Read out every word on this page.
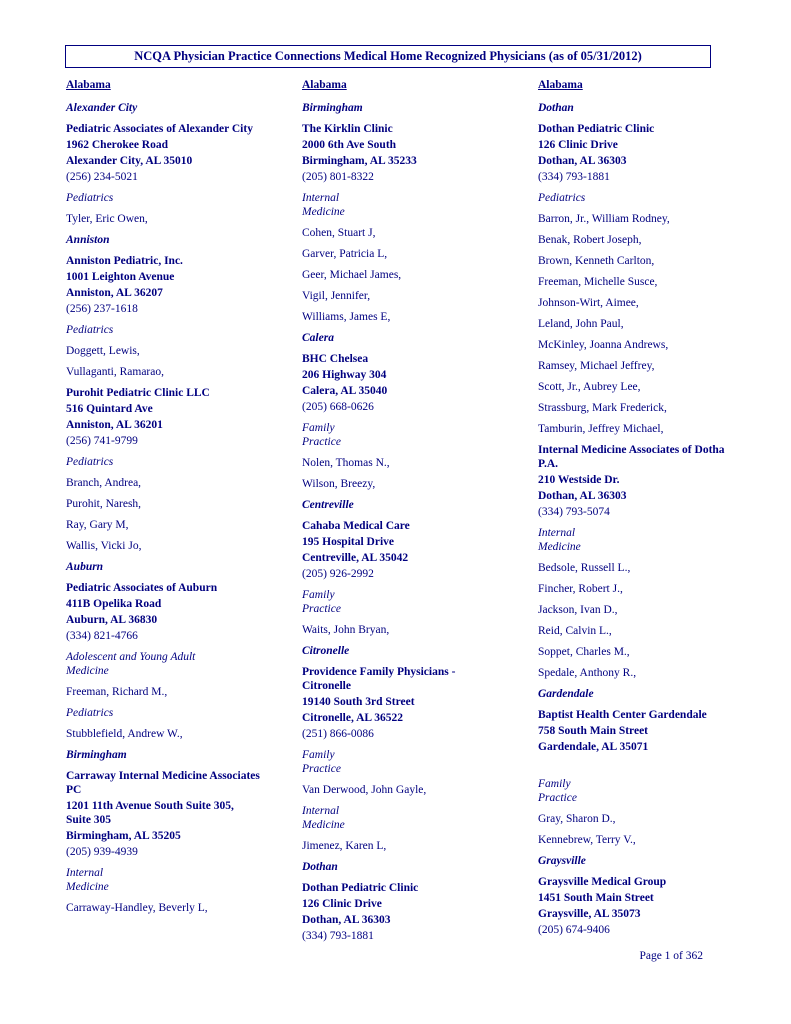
NCQA Physician Practice Connections Medical Home Recognized Physicians (as of 05/31/2012)
Alabama
Alexander City
Pediatric Associates of Alexander City
1962 Cherokee Road
Alexander City, AL 35010
(256) 234-5021
Pediatrics
Tyler, Eric Owen,
Anniston
Anniston Pediatric, Inc.
1001 Leighton Avenue
Anniston, AL 36207
(256) 237-1618
Pediatrics
Doggett, Lewis,
Vullaganti, Ramarao,
Purohit Pediatric Clinic LLC
516 Quintard Ave
Anniston, AL 36201
(256) 741-9799
Pediatrics
Branch, Andrea,
Purohit, Naresh,
Ray, Gary M,
Wallis, Vicki Jo,
Auburn
Pediatric Associates of Auburn
411B Opelika Road
Auburn, AL 36830
(334) 821-4766
Adolescent and Young Adult
Medicine
Freeman, Richard M.,
Pediatrics
Stubblefield, Andrew W.,
Birmingham
Carraway Internal Medicine Associates
PC
1201 11th Avenue South Suite 305,
Suite 305
Birmingham, AL 35205
(205) 939-4939
Internal
Medicine
Carraway-Handley, Beverly L,
Alabama
Birmingham
The Kirklin Clinic
2000 6th Ave South
Birmingham, AL 35233
(205) 801-8322
Internal
Medicine
Cohen, Stuart J,
Garver, Patricia L,
Geer, Michael James,
Vigil, Jennifer,
Williams, James E,
Calera
BHC Chelsea
206 Highway 304
Calera, AL 35040
(205) 668-0626
Family
Practice
Nolen, Thomas N.,
Wilson, Breezy,
Centreville
Cahaba Medical Care
195 Hospital Drive
Centreville, AL 35042
(205) 926-2992
Family
Practice
Waits, John Bryan,
Citronelle
Providence Family Physicians -
Citronelle
19140 South 3rd Street
Citronelle, AL 36522
(251) 866-0086
Family
Practice
Van Derwood, John Gayle,
Internal
Medicine
Jimenez, Karen L,
Dothan
Dothan Pediatric Clinic
126 Clinic Drive
Dothan, AL 36303
(334) 793-1881
Alabama
Dothan
Dothan Pediatric Clinic
126 Clinic Drive
Dothan, AL 36303
(334) 793-1881
Pediatrics
Barron, Jr., William Rodney,
Benak, Robert Joseph,
Brown, Kenneth Carlton,
Freeman, Michelle Susce,
Johnson-Wirt, Aimee,
Leland, John Paul,
McKinley, Joanna Andrews,
Ramsey, Michael Jeffrey,
Scott, Jr., Aubrey Lee,
Strassburg, Mark Frederick,
Tamburin, Jeffrey Michael,
Internal Medicine Associates of Dotha
P.A.
210 Westside Dr.
Dothan, AL 36303
(334) 793-5074
Internal
Medicine
Bedsole, Russell L.,
Fincher, Robert J.,
Jackson, Ivan D.,
Reid, Calvin L.,
Soppet, Charles M.,
Spedale, Anthony R.,
Gardendale
Baptist Health Center Gardendale
758 South Main Street
Gardendale, AL 35071
Family
Practice
Gray, Sharon D.,
Kennebrew, Terry V.,
Graysville
Graysville Medical Group
1451 South Main Street
Graysville, AL 35073
(205) 674-9406
Page 1 of 362
